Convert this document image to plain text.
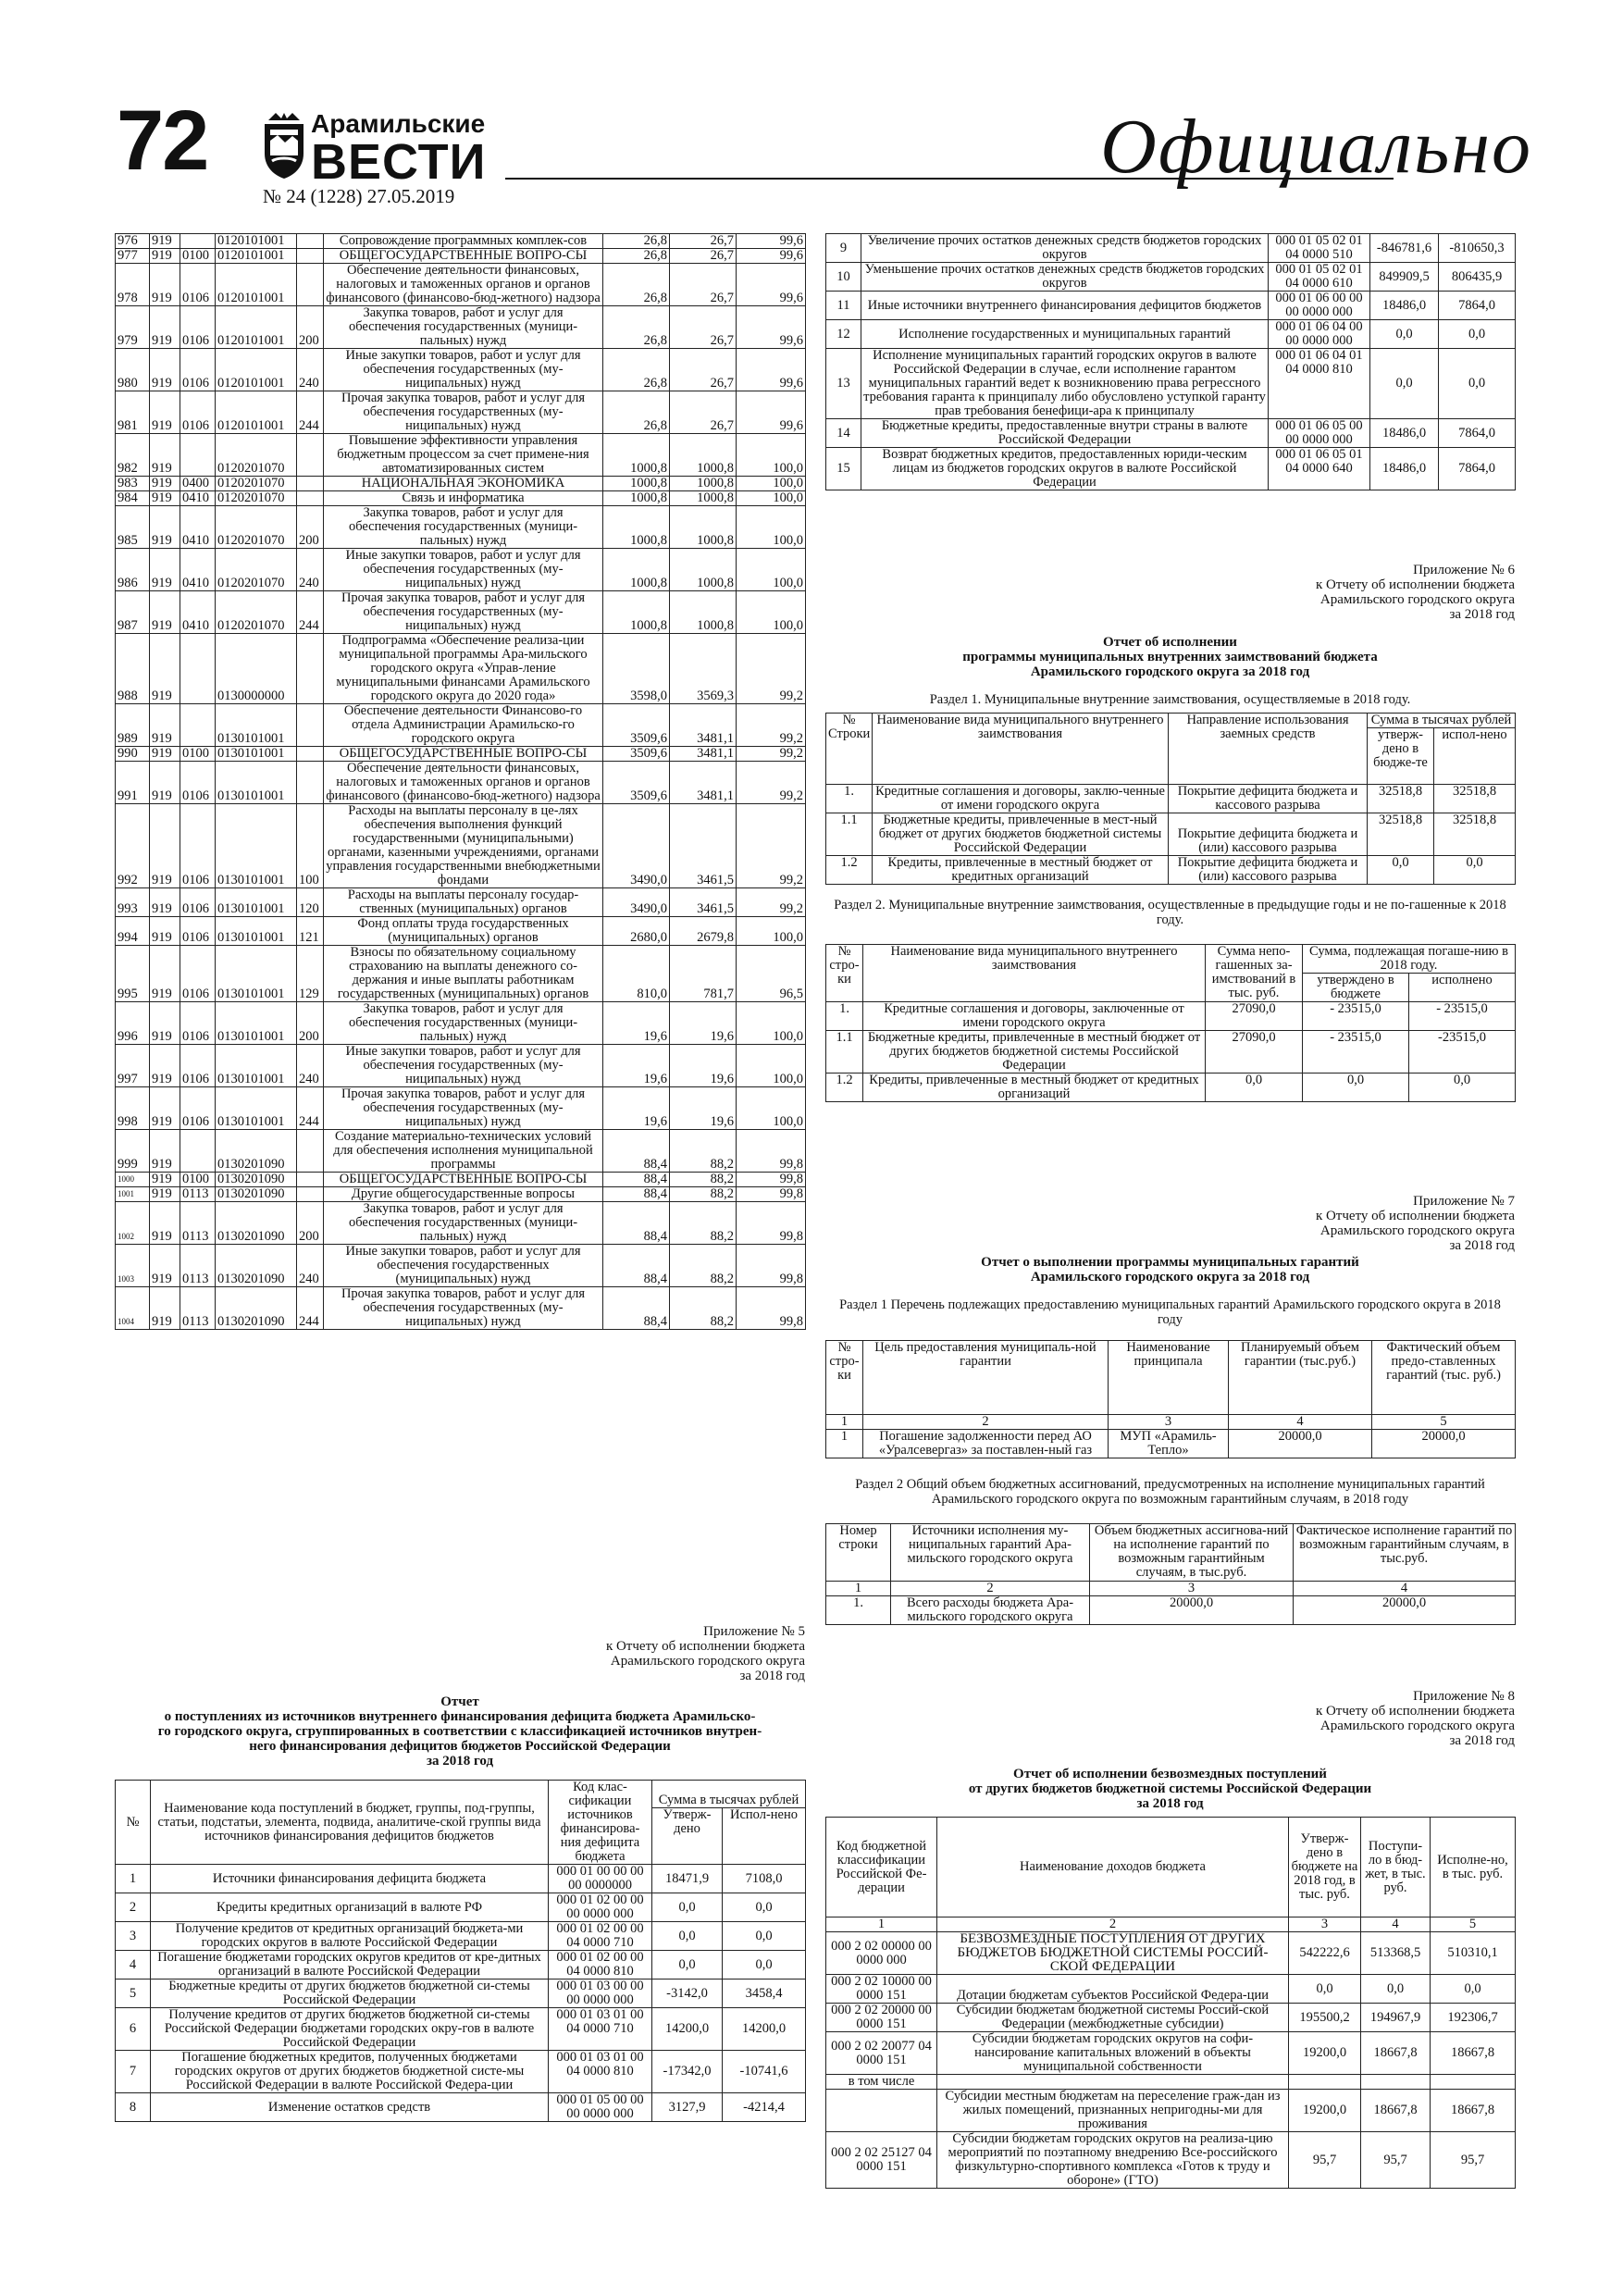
72	Арамильские
ВЕСТИ
№ 24 (1228) 27.05.2019
Официально
976	919		0120101001		Сопровождение программных комплек-сов	26,8	26,7	99,6
977	919	0100	0120101001		ОБЩЕГОСУДАРСТВЕННЫЕ ВОПРО-СЫ	26,8	26,7	99,6
978	919	0106	0120101001		Обеспечение деятельности финансовых, налоговых и таможенных органов и органов финансового (финансово-бюд-жетного) надзора	26,8	26,7	99,6
979	919	0106	0120101001	200	Закупка товаров, работ и услуг для обеспечения государственных (муници-пальных) нужд	26,8	26,7	99,6
980	919	0106	0120101001	240	Иные закупки товаров, работ и услуг для обеспечения государственных (му-ниципальных) нужд	26,8	26,7	99,6
981	919	0106	0120101001	244	Прочая закупка товаров, работ и услуг для обеспечения государственных (му-ниципальных) нужд	26,8	26,7	99,6
982	919		0120201070		Повышение эффективности управления бюджетным процессом за счет примене-ния автоматизированных систем	1000,8	1000,8	100,0
983	919	0400	0120201070		НАЦИОНАЛЬНАЯ ЭКОНОМИКА	1000,8	1000,8	100,0
984	919	0410	0120201070		Связь и информатика	1000,8	1000,8	100,0
985	919	0410	0120201070	200	Закупка товаров, работ и услуг для обеспечения государственных (муници-пальных) нужд	1000,8	1000,8	100,0
986	919	0410	0120201070	240	Иные закупки товаров, работ и услуг для обеспечения государственных (му-ниципальных) нужд	1000,8	1000,8	100,0
987	919	0410	0120201070	244	Прочая закупка товаров, работ и услуг для обеспечения государственных (му-ниципальных) нужд	1000,8	1000,8	100,0
988	919		0130000000		Подпрограмма «Обеспечение реализа-ции муниципальной программы Ара-мильского городского округа «Управ-ление муниципальными финансами Арамильского городского округа до 2020 года»	3598,0	3569,3	99,2
989	919		0130101001		Обеспечение деятельности Финансово-го отдела Администрации Арамильско-го городского округа	3509,6	3481,1	99,2
990	919	0100	0130101001		ОБЩЕГОСУДАРСТВЕННЫЕ ВОПРО-СЫ	3509,6	3481,1	99,2
991	919	0106	0130101001		Обеспечение деятельности финансовых, налоговых и таможенных органов и органов финансового (финансово-бюд-жетного) надзора	3509,6	3481,1	99,2
992	919	0106	0130101001	100	Расходы на выплаты персоналу в це-лях обеспечения выполнения функций государственными (муниципальными) органами, казенными учреждениями, органами управления государственными внебюджетными фондами	3490,0	3461,5	99,2
993	919	0106	0130101001	120	Расходы на выплаты персоналу государ-ственных (муниципальных) органов	3490,0	3461,5	99,2
994	919	0106	0130101001	121	Фонд оплаты труда государственных (муниципальных) органов	2680,0	2679,8	100,0
995	919	0106	0130101001	129	Взносы по обязательному социальному страхованию на выплаты денежного со-держания и иные выплаты работникам государственных (муниципальных) органов	810,0	781,7	96,5
996	919	0106	0130101001	200	Закупка товаров, работ и услуг для обеспечения государственных (муници-пальных) нужд	19,6	19,6	100,0
997	919	0106	0130101001	240	Иные закупки товаров, работ и услуг для обеспечения государственных (му-ниципальных) нужд	19,6	19,6	100,0
998	919	0106	0130101001	244	Прочая закупка товаров, работ и услуг для обеспечения государственных (му-ниципальных) нужд	19,6	19,6	100,0
999	919		0130201090		Создание материально-технических условий для обеспечения исполнения муниципальной программы	88,4	88,2	99,8
1000	919	0100	0130201090		ОБЩЕГОСУДАРСТВЕННЫЕ ВОПРО-СЫ	88,4	88,2	99,8
1001	919	0113	0130201090		Другие общегосударственные вопросы	88,4	88,2	99,8
1002	919	0113	0130201090	200	Закупка товаров, работ и услуг для обеспечения государственных (муници-пальных) нужд	88,4	88,2	99,8
1003	919	0113	0130201090	240	Иные закупки товаров, работ и услуг для обеспечения государственных (муниципальных) нужд	88,4	88,2	99,8
1004	919	0113	0130201090	244	Прочая закупка товаров, работ и услуг для обеспечения государственных (му-ниципальных) нужд	88,4	88,2	99,8
Приложение № 5
к Отчету об исполнении бюджета
Арамильского городского округа
за 2018 год
Отчет
о поступлениях из источников внутреннего финансирования дефицита бюджета Арамильско-
го городского округа, сгруппированных в соответствии с классификацией источников внутрен-
него финансирования дефицитов бюджетов Российской Федерации
за 2018 год
№	Наименование кода поступлений в бюджет, группы, под-группы, статьи, подстатьи, элемента, подвида, аналитиче-ской группы вида источников финансирования дефицитов бюджетов	Код клас-сификации источников финансирова-ния дефицита бюджета	Сумма в тысячах рублей	
			Утверж-дено	Испол-нено
1	Источники финансирования дефицита бюджета	000 01 00 00 00 00 0000000	18471,9	7108,0
2	Кредиты кредитных организаций в валюте РФ	000 01 02 00 00 00 0000 000	0,0	0,0
3	Получение кредитов от кредитных организаций бюджета-ми городских округов в валюте Российской Федерации	000 01 02 00 00 04 0000 710	0,0	0,0
4	Погашение бюджетами городских округов кредитов от кре-дитных организаций в валюте Российской Федерации	000 01 02 00 00 04 0000 810	0,0	0,0
5	Бюджетные кредиты от других бюджетов бюджетной си-стемы Российской Федерации	000 01 03 00 00 00 0000 000	-3142,0	3458,4
6	Получение кредитов от других бюджетов бюджетной си-стемы Российской Федерации бюджетами городских окру-гов в валюте Российской Федерации	000 01 03 01 00 04 0000 710	14200,0	14200,0
7	Погашение бюджетных кредитов, полученных бюджетами городских округов от других бюджетов бюджетной систе-мы Российской Федерации в валюте Российской Федера-ции	000 01 03 01 00 04 0000 810	-17342,0	-10741,6
8	Изменение остатков средств	000 01 05 00 00 00 0000 000	3127,9	-4214,4
9	Увеличение прочих остатков денежных средств бюджетов городских округов	000 01 05 02 01 04 0000 510	-846781,6	-810650,3
10	Уменьшение прочих остатков денежных средств бюджетов городских округов	000 01 05 02 01 04 0000 610	849909,5	806435,9
11	Иные источники внутреннего финансирования дефицитов бюджетов	000 01 06 00 00 00 0000 000	18486,0	7864,0
12	Исполнение государственных и муниципальных гарантий	000 01 06 04 00 00 0000 000	0,0	0,0
13	Исполнение муниципальных гарантий городских округов в валюте Российской Федерации в случае, если исполнение гарантом муниципальных гарантий ведет к возникновению права регрессного требования гаранта к принципалу либо обусловлено уступкой гаранту прав требования бенефици-ара к принципалу	000 01 06 04 01 04 0000 810	0,0	0,0
14	Бюджетные кредиты, предоставленные внутри страны в валюте Российской Федерации	000 01 06 05 00 00 0000 000	18486,0	7864,0
15	Возврат бюджетных кредитов, предоставленных юриди-ческим лицам из бюджетов городских округов в валюте Российской Федерации	000 01 06 05 01 04 0000 640	18486,0	7864,0
Приложение № 6
к Отчету об исполнении бюджета
Арамильского городского округа
за 2018 год
Отчет об исполнении
программы муниципальных внутренних заимствований бюджета
Арамильского городского округа за 2018 год
Раздел 1. Муниципальные внутренние заимствования, осуществляемые в 2018 году.
№ Строки	Наименование вида муниципального внутреннего заимствования	Направление использования заемных средств	Сумма в тысячах рублей	
			утверж-дено в бюдже-те	испол-нено
1.	Кредитные соглашения и договоры, заклю-ченные от имени городского округа	Покрытие дефицита бюджета и кассового разрыва	32518,8	32518,8
1.1	Бюджетные кредиты, привлеченные в мест-ный бюджет от других бюджетов бюджетной системы Российской Федерации	Покрытие дефицита бюджета и (или) кассового разрыва	32518,8	32518,8
1.2	Кредиты, привлеченные в местный бюджет от кредитных организаций	Покрытие дефицита бюджета и (или) кассового разрыва	0,0	0,0
Раздел 2. Муниципальные внутренние заимствования, осуществленные в предыдущие годы и не по-гашенные к 2018 году.
№ стро-ки	Наименование вида муниципального внутреннего заимствования	Сумма непо-гашенных за-имствований в тыс. руб.	Сумма, подлежащая погаше-нию в 2018 году.	
			утверждено в бюджете	исполнено
1.	Кредитные соглашения и договоры, заключенные от имени городского округа	27090,0	- 23515,0	- 23515,0
1.1	Бюджетные кредиты, привлеченные в местный бюджет от других бюджетов бюджетной системы Российской Федерации	27090,0	- 23515,0	-23515,0
1.2	Кредиты, привлеченные в местный бюджет от кредитных организаций	0,0	0,0	0,0
Приложение № 7
к Отчету об исполнении бюджета
Арамильского городского округа
за 2018 год
Отчет о выполнении программы муниципальных гарантий
Арамильского городского округа за 2018 год
Раздел 1 Перечень подлежащих предоставлению муниципальных гарантий Арамильского городского округа в 2018 году
№ стро-ки	Цель предоставления муниципаль-ной гарантии	Наименование принципала	Планируемый объем гарантии (тыс.руб.)	Фактический объем предо-ставленных гарантий (тыс. руб.)
1	2	3	4	5
1	Погашение задолженности перед АО «Уралсевергаз» за поставлен-ный газ	МУП «Арамиль-Тепло»	20000,0	20000,0
Раздел 2 Общий объем бюджетных ассигнований, предусмотренных на исполнение муниципальных гарантий Арамильского городского округа по возможным гарантийным случаям, в 2018 году
Номер строки	Источники исполнения му-ниципальных гарантий Ара-мильского городского округа	Объем бюджетных ассигнова-ний на исполнение гарантий по возможным гарантийным случаям, в тыс.руб.	Фактическое исполнение гарантий по возможным гарантийным случаям, в тыс.руб.
1	2	3	4
1.	Всего расходы бюджета Ара-мильского городского округа	20000,0	20000,0
Приложение № 8
к Отчету об исполнении бюджета
Арамильского городского округа
за 2018 год
Отчет об исполнении безвозмездных поступлений
от других бюджетов бюджетной системы Российской Федерации
за 2018 год
Код бюджетной классификации Российской Фе-дерации	Наименование доходов бюджета	Утверж-дено в бюджете на 2018 год, в тыс. руб.	Поступи-ло в бюд-жет, в тыс. руб.	Исполне-но, в тыс. руб.
1	2	3	4	5
000 2 02 00000 00 0000 000	БЕЗВОЗМЕЗДНЫЕ ПОСТУПЛЕНИЯ ОТ ДРУГИХ БЮДЖЕТОВ БЮДЖЕТНОЙ СИСТЕМЫ РОССИЙ-СКОЙ ФЕДЕРАЦИИ	542222,6	513368,5	510310,1
000 2 02 10000 00 0000 151	Дотации бюджетам субъектов Российской Федера-ции	0,0	0,0	0,0
000 2 02 20000 00 0000 151	Субсидии бюджетам бюджетной системы Россий-ской Федерации (межбюджетные субсидии)	195500,2	194967,9	192306,7
000 2 02 20077 04 0000 151	Субсидии бюджетам городских округов на софи-нансирование капитальных вложений в объекты муниципальной собственности	19200,0	18667,8	18667,8
в том числе				
	Субсидии местным бюджетам на переселение граж-дан из жилых помещений, признанных непригодны-ми для проживания	19200,0	18667,8	18667,8
000 2 02 25127 04 0000 151	Субсидии бюджетам городских округов на реализа-цию мероприятий по поэтапному внедрению Все-российского физкультурно-спортивного комплекса «Готов к труду и обороне» (ГТО)	95,7	95,7	95,7
